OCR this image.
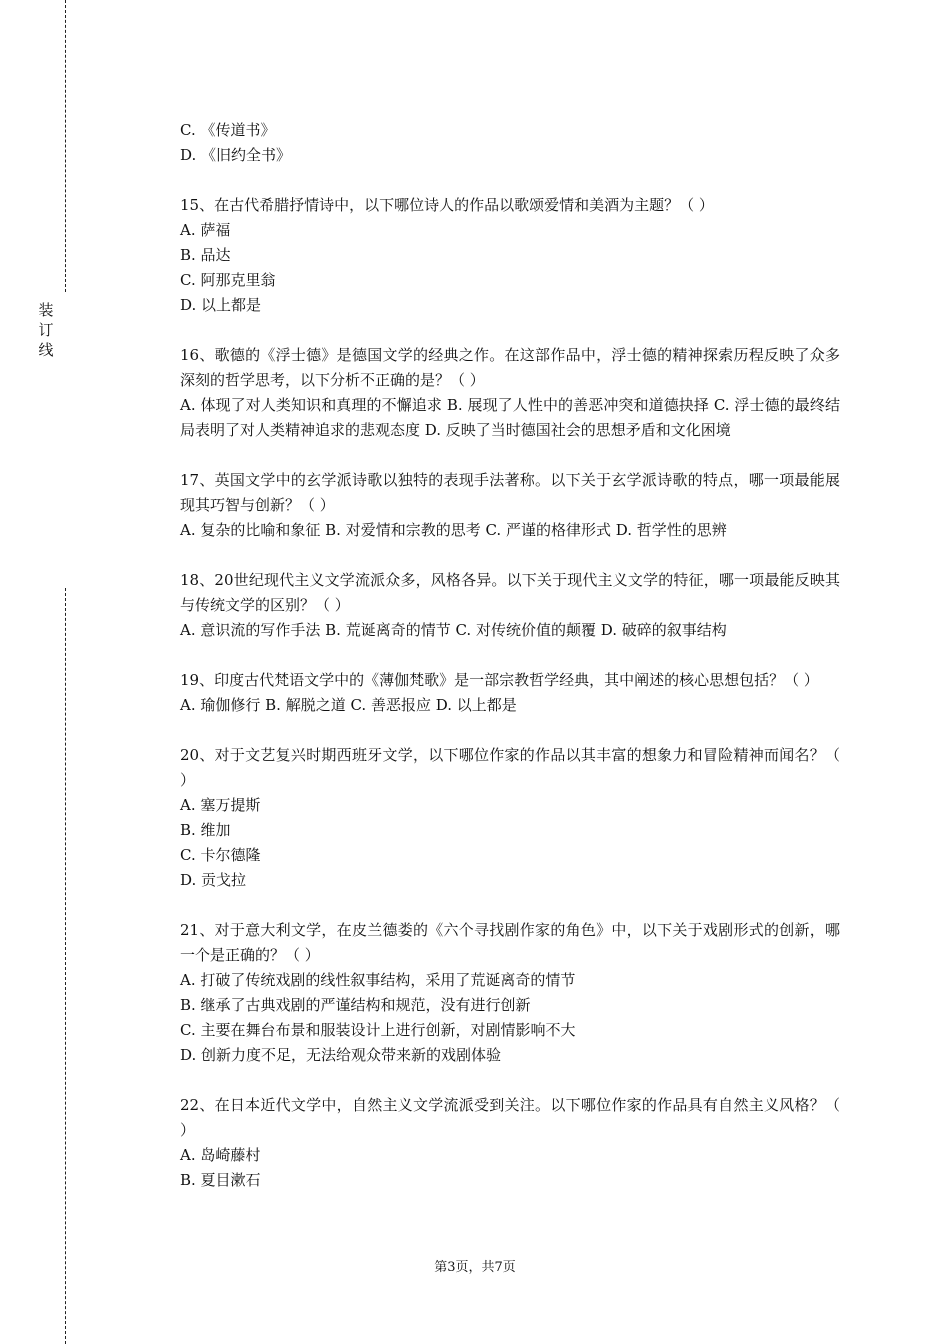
装
订
线

C. 《传道书》

D. 《旧约全书》

15、在古代希腊抒情诗中，以下哪位诗人的作品以歌颂爱情和美酒为主题？（ ）

A. 萨福

B. 品达

C. 阿那克里翁

D. 以上都是

16、歌德的《浮士德》是德国文学的经典之作。在这部作品中，浮士德的精神探索历程反映了众多深刻的哲学思考，以下分析不正确的是？（ ）

A. 体现了对人类知识和真理的不懈追求 B. 展现了人性中的善恶冲突和道德抉择 C. 浮士德的最终结局表明了对人类精神追求的悲观态度 D. 反映了当时德国社会的思想矛盾和文化困境

17、英国文学中的玄学派诗歌以独特的表现手法著称。以下关于玄学派诗歌的特点，哪一项最能展现其巧智与创新？（ ）

A. 复杂的比喻和象征 B. 对爱情和宗教的思考 C. 严谨的格律形式 D. 哲学性的思辨

18、20世纪现代主义文学流派众多，风格各异。以下关于现代主义文学的特征，哪一项最能反映其与传统文学的区别？（ ）

A. 意识流的写作手法 B. 荒诞离奇的情节 C. 对传统价值的颠覆 D. 破碎的叙事结构

19、印度古代梵语文学中的《薄伽梵歌》是一部宗教哲学经典，其中阐述的核心思想包括？（ ）

A. 瑜伽修行 B. 解脱之道 C. 善恶报应 D. 以上都是

20、对于文艺复兴时期西班牙文学，以下哪位作家的作品以其丰富的想象力和冒险精神而闻名？（ ）

A. 塞万提斯

B. 维加

C. 卡尔德隆

D. 贡戈拉

21、对于意大利文学，在皮兰德娄的《六个寻找剧作家的角色》中，以下关于戏剧形式的创新，哪一个是正确的？（ ）

A. 打破了传统戏剧的线性叙事结构，采用了荒诞离奇的情节

B. 继承了古典戏剧的严谨结构和规范，没有进行创新

C. 主要在舞台布景和服装设计上进行创新，对剧情影响不大

D. 创新力度不足，无法给观众带来新的戏剧体验

22、在日本近代文学中，自然主义文学流派受到关注。以下哪位作家的作品具有自然主义风格？（ ）

A. 岛崎藤村

B. 夏目漱石

第3页，共7页
